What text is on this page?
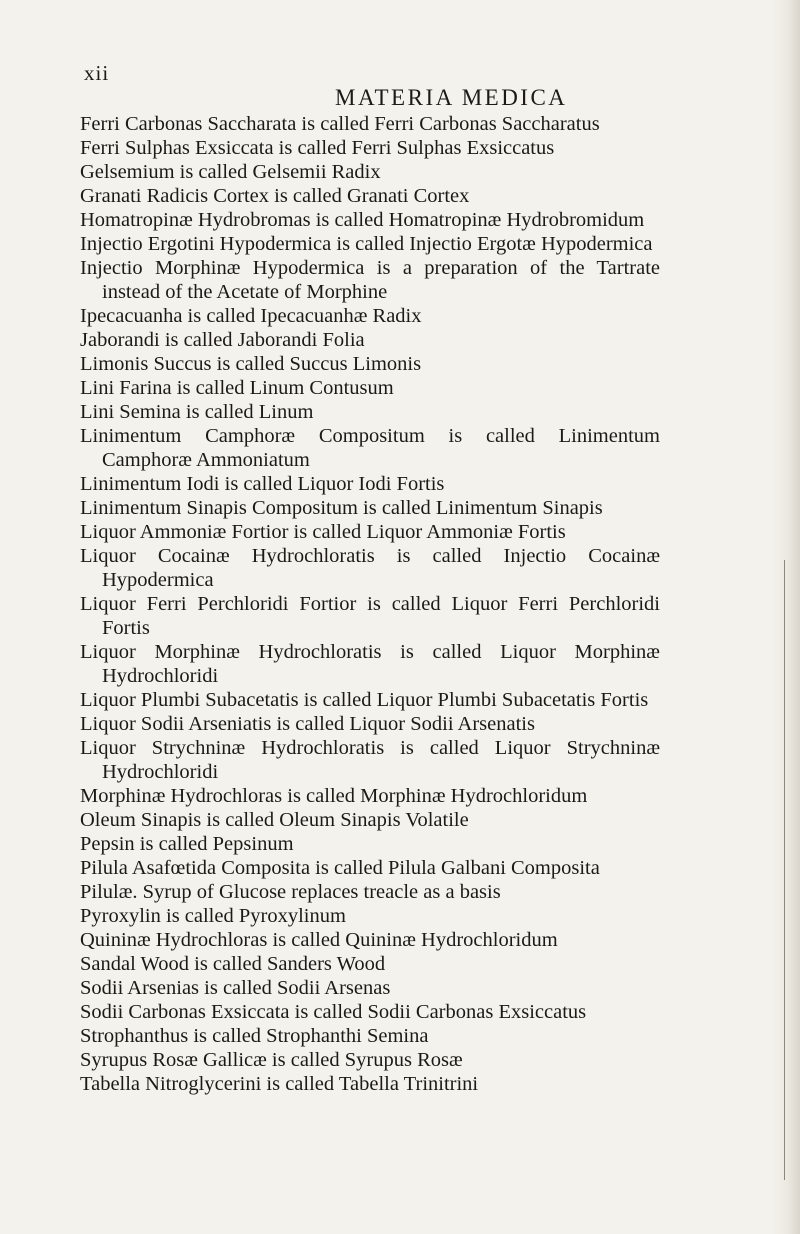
xii
MATERIA MEDICA
Ferri Carbonas Saccharata is called Ferri Carbonas Saccharatus
Ferri Sulphas Exsiccata is called Ferri Sulphas Exsiccatus
Gelsemium is called Gelsemii Radix
Granati Radicis Cortex is called Granati Cortex
Homatropinæ Hydrobromas is called Homatropinæ Hydrobromidum
Injectio Ergotini Hypodermica is called Injectio Ergotæ Hypodermica
Injectio Morphinæ Hypodermica is a preparation of the Tartrate instead of the Acetate of Morphine
Ipecacuanha is called Ipecacuanhæ Radix
Jaborandi is called Jaborandi Folia
Limonis Succus is called Succus Limonis
Lini Farina is called Linum Contusum
Lini Semina is called Linum
Linimentum Camphoræ Compositum is called Linimentum Camphoræ Ammoniatum
Linimentum Iodi is called Liquor Iodi Fortis
Linimentum Sinapis Compositum is called Linimentum Sinapis
Liquor Ammoniæ Fortior is called Liquor Ammoniæ Fortis
Liquor Cocainæ Hydrochloratis is called Injectio Cocainæ Hypodermica
Liquor Ferri Perchloridi Fortior is called Liquor Ferri Perchloridi Fortis
Liquor Morphinæ Hydrochloratis is called Liquor Morphinæ Hydrochloridi
Liquor Plumbi Subacetatis is called Liquor Plumbi Subacetatis Fortis
Liquor Sodii Arseniatis is called Liquor Sodii Arsenatis
Liquor Strychninæ Hydrochloratis is called Liquor Strychninæ Hydrochloridi
Morphinæ Hydrochloras is called Morphinæ Hydrochloridum
Oleum Sinapis is called Oleum Sinapis Volatile
Pepsin is called Pepsinum
Pilula Asafœtida Composita is called Pilula Galbani Composita
Pilulæ. Syrup of Glucose replaces treacle as a basis
Pyroxylin is called Pyroxylinum
Quininæ Hydrochloras is called Quininæ Hydrochloridum
Sandal Wood is called Sanders Wood
Sodii Arsenias is called Sodii Arsenas
Sodii Carbonas Exsiccata is called Sodii Carbonas Exsiccatus
Strophanthus is called Strophanthi Semina
Syrupus Rosæ Gallicæ is called Syrupus Rosæ
Tabella Nitroglycerini is called Tabella Trinitrini
